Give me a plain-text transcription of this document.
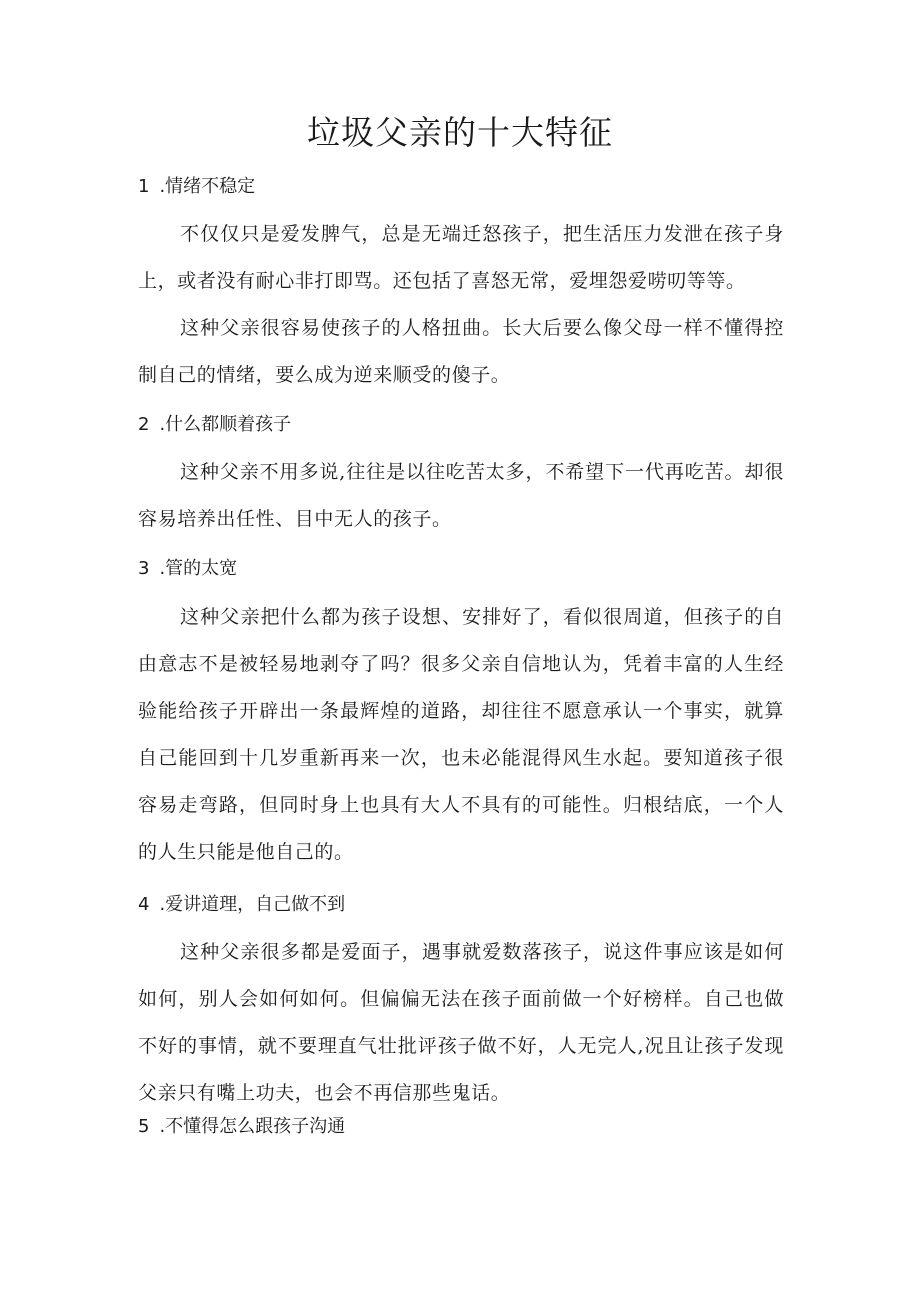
垃圾父亲的十大特征
1 .情绪不稳定
不仅仅只是爱发脾气，总是无端迁怒孩子，把生活压力发泄在孩子身上，或者没有耐心非打即骂。还包括了喜怒无常，爱埋怨爱唠叨等等。
这种父亲很容易使孩子的人格扭曲。长大后要么像父母一样不懂得控制自己的情绪，要么成为逆来顺受的傻子。
2 .什么都顺着孩子
这种父亲不用多说,往往是以往吃苦太多，不希望下一代再吃苦。却很容易培养出任性、目中无人的孩子。
3 .管的太宽
这种父亲把什么都为孩子设想、安排好了，看似很周道，但孩子的自由意志不是被轻易地剥夺了吗？很多父亲自信地认为，凭着丰富的人生经验能给孩子开辟出一条最辉煌的道路，却往往不愿意承认一个事实，就算自己能回到十几岁重新再来一次，也未必能混得风生水起。要知道孩子很容易走弯路，但同时身上也具有大人不具有的可能性。归根结底，一个人的人生只能是他自己的。
4 .爱讲道理，自己做不到
这种父亲很多都是爱面子，遇事就爱数落孩子，说这件事应该是如何如何，别人会如何如何。但偏偏无法在孩子面前做一个好榜样。自己也做不好的事情，就不要理直气壮批评孩子做不好，人无完人,况且让孩子发现父亲只有嘴上功夫，也会不再信那些鬼话。
5 .不懂得怎么跟孩子沟通
